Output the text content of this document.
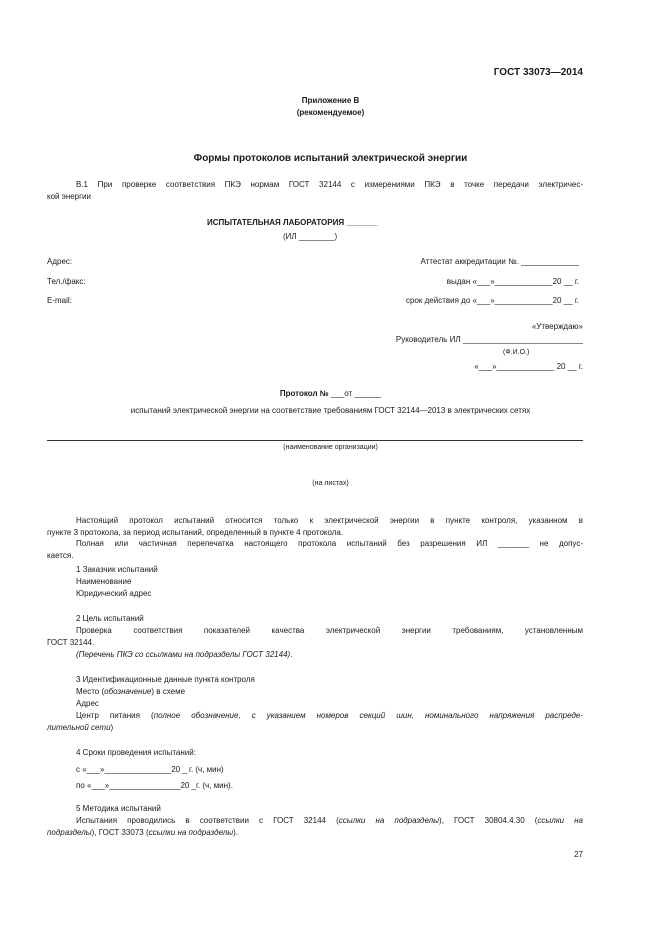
ГОСТ 33073—2014
Приложение В
(рекомендуемое)
Формы протоколов испытаний электрической энергии
В.1 При проверке соответствия ПКЭ нормам ГОСТ 32144 с измерениями ПКЭ в точке передачи электричес-
кой энергии
ИСПЫТАТЕЛЬНАЯ ЛАБОРАТОРИЯ _______
(ИЛ ________)
Адрес:
Тел./факс:
E-mail:
Аттестат аккредитации №. _____________
выдан «___»_____________20 __ г.
срок действия до «___»_____________20 __ г.
«Утверждаю»
Руководитель ИЛ ___________________________
(Ф.И.О.)
«___»_____________ 20 __ г.
Протокол № ___от ______
испытаний электрической энергии на соответствие требованиям ГОСТ 32144—2013 в электрических сетях
(наименование организации)
(на листах)
Настоящий протокол испытаний относится только к электрической энергии в пункте контроля, указанном в
пункте 3 протокола, за период испытаний, определенный в пункте 4 протокола.
Полная или частичная перепечатка настоящего протокола испытаний без разрешения ИЛ _______ не допус-
кается.
1 Заказчик испытаний
Наименование
Юридический адрес
2 Цель испытаний
Проверка соответствия показателей качества электрической энергии требованиям, установленным
ГОСТ 32144.
(Перечень ПКЭ со ссылками на подразделы ГОСТ 32144).
3 Идентификационные данные пункта контроля
Место (обозначение) в схеме
Адрес
Центр питания (полное обозначение, с указанием номеров секций шин, номинального напряжения распреде-
лительной сети)
4 Сроки проведения испытаний:
с «___»_______________20 _ г. (ч, мин)
по «___»________________20 _г. (ч, мин).
5 Методика испытаний
Испытания проводились в соответствии с ГОСТ 32144 (ссылки на подразделы), ГОСТ 30804.4.30 (ссылки на
подразделы), ГОСТ 33073 (ссылки на подразделы).
27
